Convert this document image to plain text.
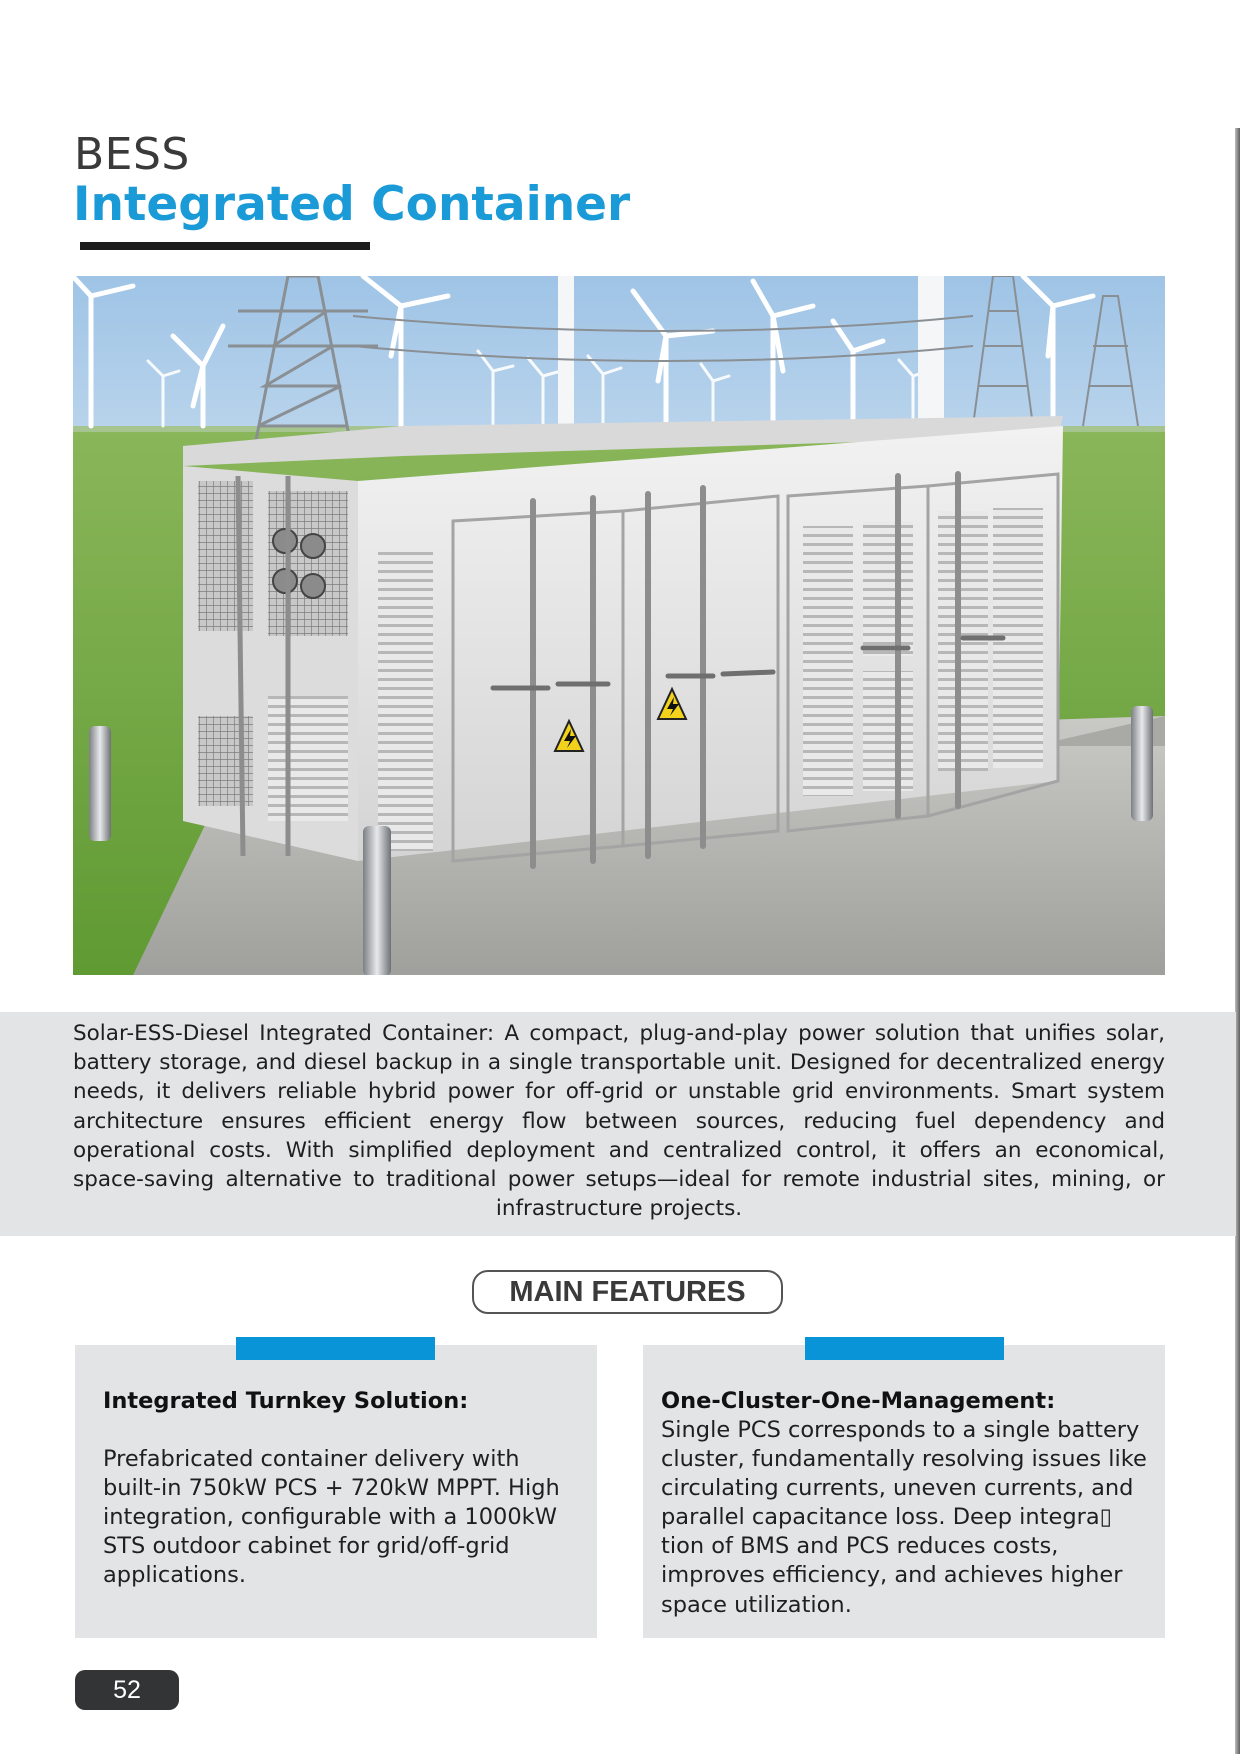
BESS
Integrated Container

Solar-ESS-Diesel Integrated Container: A compact, plug-and-play power solution that unifies solar, battery storage, and diesel backup in a single transportable unit. Designed for decentralized energy needs, it delivers reliable hybrid power for off-grid or unstable grid environments. Smart system architecture ensures efficient energy flow between sources, reducing fuel dependency and operational costs. With simplified deployment and centralized control, it offers an economical, space-saving alternative to traditional power setups—ideal for remote industrial sites, mining, or infrastructure projects.

MAIN FEATURES

Integrated Turnkey Solution:

Prefabricated container delivery with built-in 750kW PCS + 720kW MPPT. High integration, configurable with a 1000kW STS outdoor cabinet for grid/off-grid applications.

One-Cluster-One-Management:

Single PCS corresponds to a single battery cluster, fundamentally resolving issues like circulating currents, uneven currents, and parallel capacitance loss. Deep integra▯ tion of BMS and PCS reduces costs, improves efficiency, and achieves higher space utilization.

52
